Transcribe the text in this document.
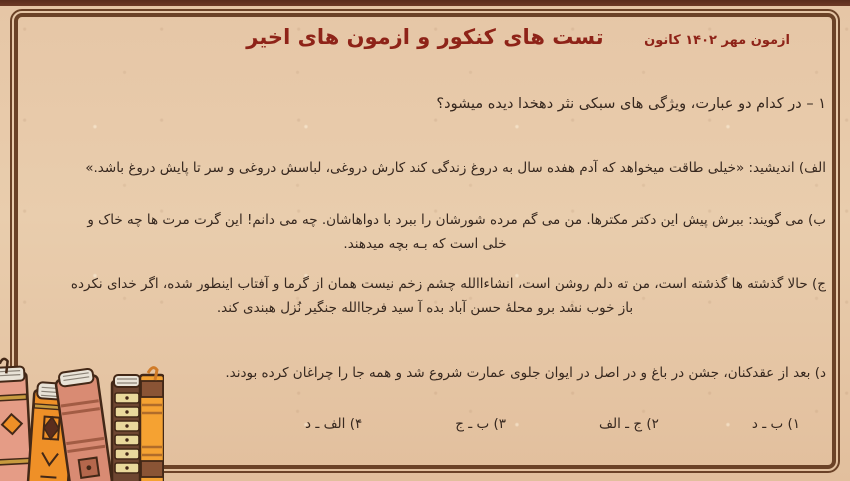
تست های کنکور و ازمون های اخیر	ازمون مهر ۱۴۰۲ کانون
۱ – در کدام دو عبارت، ویژگی های سبکی نثر دهخدا دیده میشود؟
الف) اندیشید: «خیلی طاقت میخواهد که آدم هفده سال به دروغ زندگی کند کارش دروغی، لباسش دروغی و سر تا پایش دروغ باشد.»
ب) می گویند: ببرش پیش این دکتر مکترها. من می گم مرده شورشان را ببرد با دواهاشان. چه می دانم! این گرت مرت ها چه خاک و
خلی است که بـه بچه میدهند.
ج) حالا گذشته ها گذشته است، من ته دلم روشن است، انشاءاالله چشم زخم نیست همان از گرما و آفتاب اینطور شده، اگر خدای نکرده
باز خوب نشد برو محلهٔ حسن آباد بده آ سید فرجاالله جنگیر نُزل هبندی کند.
د) بعد از عقدکنان، جشن در باغ و در اصل در ایوان جلوی عمارت شروع شد و همه جا را چراغان کرده بودند.
۱) ب ـ د
۲) ج ـ الف
۳) ب ـ ج
۴) الف ـ د
